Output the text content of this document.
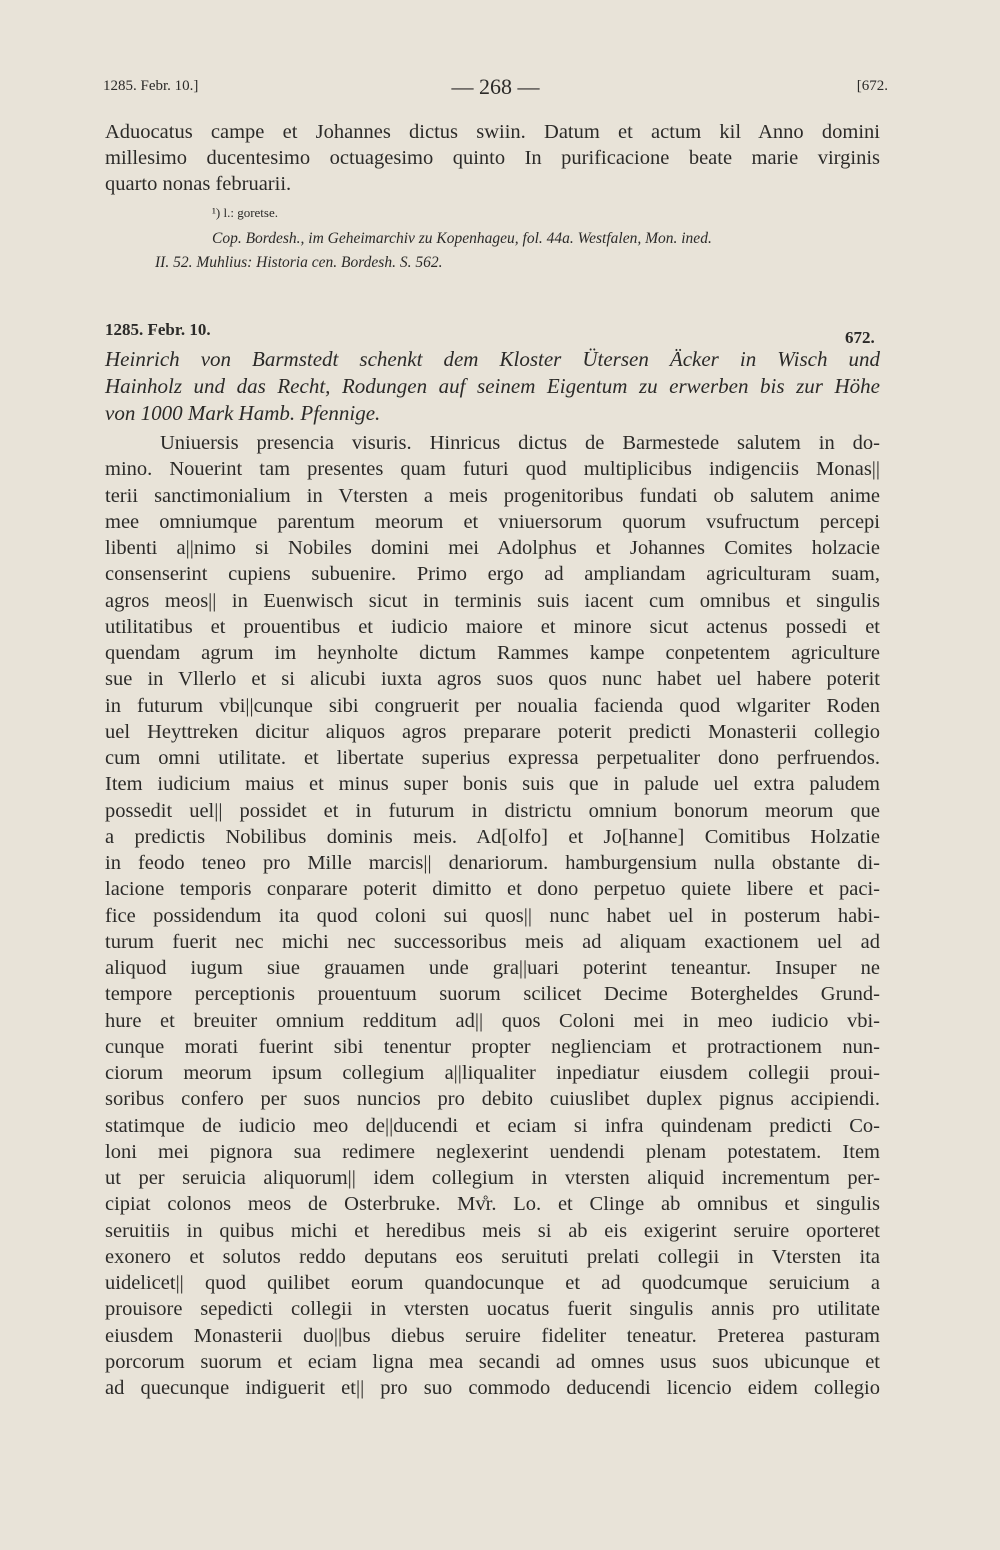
1285. Febr. 10.]	— 268 —	[672.
Aduocatus campe et Johannes dictus swiin. Datum et actum kil Anno domini
millesimo ducentesimo octuagesimo quinto In purificacione beate marie virginis
quarto nonas februarii.
¹) l.: goretse.
Cop. Bordesh., im Geheimarchiv zu Kopenhageu, fol. 44a. Westfalen, Mon. ined.
II. 52. Muhlius: Historia cen. Bordesh. S. 562.
1285. Febr. 10.	672.
Heinrich von Barmstedt schenkt dem Kloster Ütersen Äcker in Wisch und
Hainholz und das Recht, Rodungen auf seinem Eigentum zu erwerben bis zur Höhe
von 1000 Mark Hamb. Pfennige.
Uniuersis presencia visuris. Hinricus dictus de Barmestede salutem in do-
mino. Nouerint tam presentes quam futuri quod multiplicibus indigenciis Monas||
terii sanctimonialium in Vtersten a meis progenitoribus fundati ob salutem anime
mee omniumque parentum meorum et vniuersorum quorum vsufructum percepi
libenti a||nimo si Nobiles domini mei Adolphus et Johannes Comites holzacie
consenserint cupiens subuenire. Primo ergo ad ampliandam agriculturam suam,
agros meos|| in Euenwisch sicut in terminis suis iacent cum omnibus et singulis
utilitatibus et prouentibus et iudicio maiore et minore sicut actenus possedi et
quendam agrum im heynholte dictum Rammes kampe conpetentem agriculture
sue in Vllerlo et si alicubi iuxta agros suos quos nunc habet uel habere poterit
in futurum vbi||cunque sibi congruerit per noualia facienda quod wlgariter Roden
uel Heyttreken dicitur aliquos agros preparare poterit predicti Monasterii collegio
cum omni utilitate. et libertate superius expressa perpetualiter dono perfruendos.
Item iudicium maius et minus super bonis suis que in palude uel extra paludem
possedit uel|| possidet et in futurum in districtu omnium bonorum meorum que
a predictis Nobilibus dominis meis. Ad[olfo] et Jo[hanne] Comitibus Holzatie
in feodo teneo pro Mille marcis|| denariorum. hamburgensium nulla obstante di-
lacione temporis conparare poterit dimitto et dono perpetuo quiete libere et paci-
fice possidendum ita quod coloni sui quos|| nunc habet uel in posterum habi-
turum fuerit nec michi nec successoribus meis ad aliquam exactionem uel ad
aliquod iugum siue grauamen unde gra||uari poterint teneantur. Insuper ne
tempore perceptionis prouentuum suorum scilicet Decime Botergheldes Grund-
hure et breuiter omnium redditum ad|| quos Coloni mei in meo iudicio vbi-
cunque morati fuerint sibi tenentur propter neglienciam et protractionem nun-
ciorum meorum ipsum collegium a||liqualiter inpediatur eiusdem collegii proui-
soribus confero per suos nuncios pro debito cuiuslibet duplex pignus accipiendi.
statimque de iudicio meo de||ducendi et eciam si infra quindenam predicti Co-
loni mei pignora sua redimere neglexerint uendendi plenam potestatem. Item
ut per seruicia aliquorum|| idem collegium in vtersten aliquid incrementum per-
cipiat colonos meos de Osterbruke. Mv̊r. Lo. et Clinge ab omnibus et singulis
seruitiis in quibus michi et heredibus meis si ab eis exigerint seruire oporteret
exonero et solutos reddo deputans eos seruituti prelati collegii in Vtersten ita
uidelicet|| quod quilibet eorum quandocunque et ad quodcumque seruicium a
prouisore sepedicti collegii in vtersten uocatus fuerit singulis annis pro utilitate
eiusdem Monasterii duo||bus diebus seruire fideliter teneatur. Preterea pasturam
porcorum suorum et eciam ligna mea secandi ad omnes usus suos ubicunque et
ad quecunque indiguerit et|| pro suo commodo deducendi licencio eidem collegio
